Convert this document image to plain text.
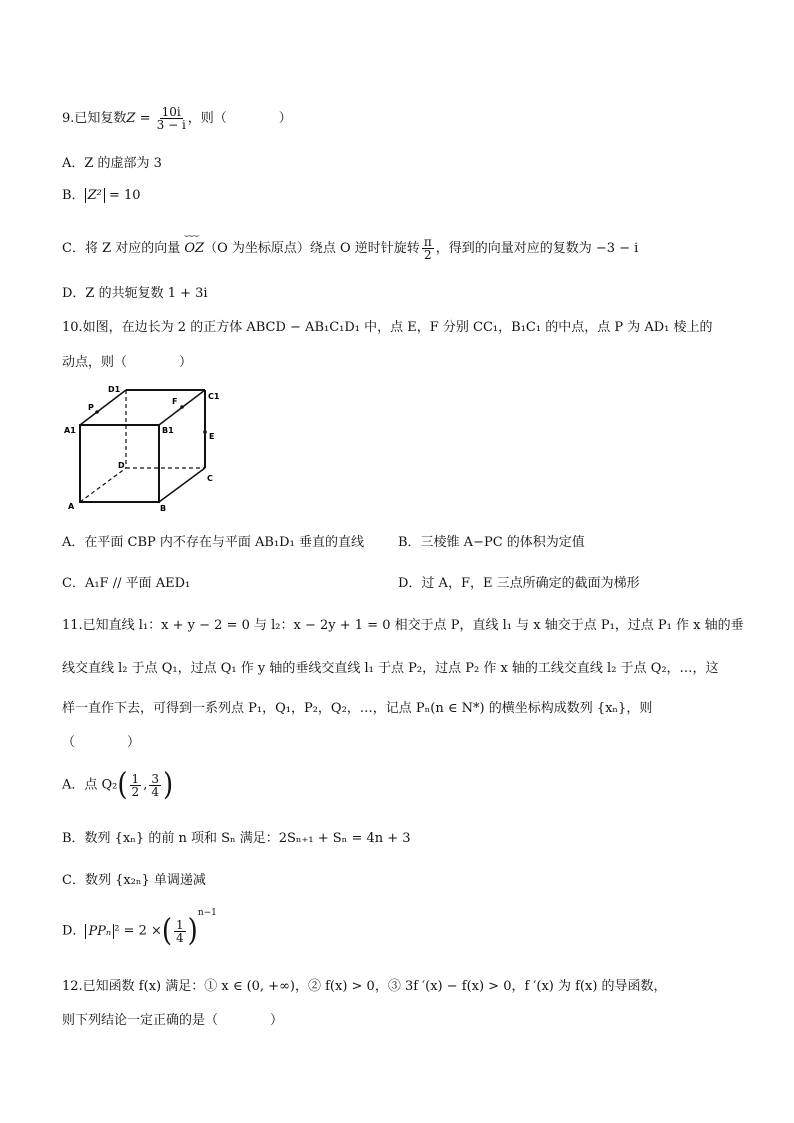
9.已知复数$Z = \frac{10i}{3 - i}$ ，则（　　　　）
A．Z 的虚部为 3
B． Z² = 10
C．将 Z 对应的向量 ⌣⌣⌣ OZ（O 为坐标原点）绕点 O 逆时针旋转 $\frac{\pi}{2}$ ，得到的向量对应的复数为 −3 − i
D．Z 的共轭复数 1 + 3i
10.如图，在边长为 2 的正方体 ABCD − AB₁C₁D₁ 中，点 E，F 分别 CC₁，B₁C₁ 的中点，点 P 为 AD₁ 棱上的
动点，则（　　　　）
D1
C1
P
F
A1	B1
E
D
C
A	B
A．在平面 CBP 内不存在与平面 AB₁D₁ 垂直的直线	B．三棱锥 A−PC 的体积为定值
C．A₁F // 平面 AED₁	D．过 A，F，E 三点所确定的截面为梯形
11.已知直线 l₁：x + y − 2 = 0 与 l₂：x − 2y + 1 = 0 相交于点 P，直线 l₁ 与 x 轴交于点 P₁，过点 P₁ 作 x 轴的垂
线交直线 l₂ 于点 Q₁，过点 Q₁ 作 y 轴的垂线交直线 l₁ 于点 P₂，过点 P₂ 作 x 轴的工线交直线 l₂ 于点 Q₂，…，这
样一直作下去，可得到一系列点 P₁，Q₁，P₂，Q₂，…，记点 Pₙ(n ∈ N*) 的横坐标构成数列 {xₙ}，则
（　　　　）
A．点 $Q_2( \frac{1}{2}$ , $\frac{3}{4}$ )
B．数列 {xₙ} 的前 n 项和 Sₙ 满足：2Sₙ₊₁ + Sₙ = 4n + 3
C．数列 {x₂ₙ} 单调递减
D． PPₙ ² = 2 ×( $\frac{1}{4} )^{n-1}$
12.已知函数 f(x) 满足：① x ∈ (0, +∞)，② f(x) > 0，③ 3f ′(x) − f(x) > 0，f ′(x) 为 f(x) 的导函数，
则下列结论一定正确的是（　　　　）
